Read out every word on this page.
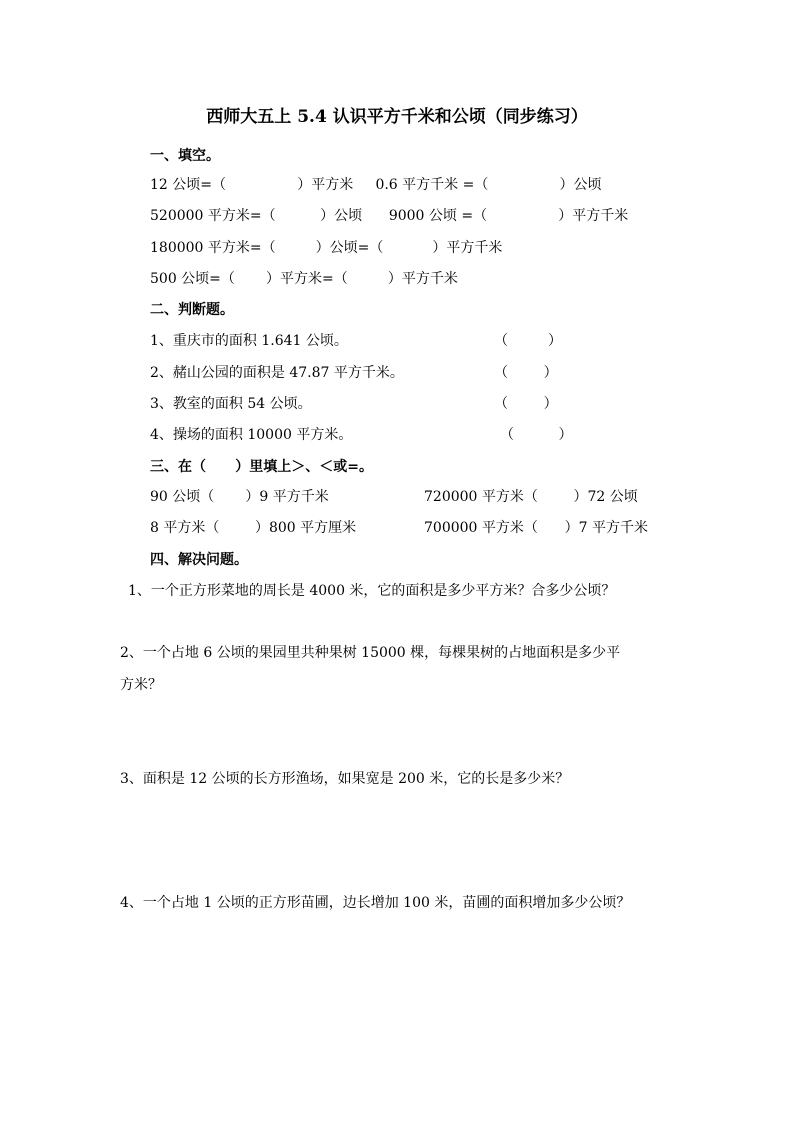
西师大五上 5.4 认识平方千米和公顷（同步练习）
一、填空。
12 公顷=（                ）平方米     0.6 平方千米 =（                ）公顷
520000 平方米=（          ）公顷      9000 公顷 =（                ）平方千米
180000 平方米=（         ）公顷=（           ）平方千米
500 公顷=（       ）平方米=（         ）平方千米
二、判断题。
1、重庆市的面积 1.641 公顷。	（         ）
2、赭山公园的面积是 47.87 平方千米。	（        ）
3、教室的面积 54 公顷。	（        ）
4、操场的面积 10000 平方米。	（          ）
三、在（      ）里填上＞、＜或=。
90 公顷（       ）9 平方千米	720000 平方米（        ）72 公顷
8 平方米（        ）800 平方厘米	700000 平方米（      ）7 平方千米
四、解决问题。
1、一个正方形菜地的周长是 4000 米，它的面积是多少平方米？合多少公顷？
2、一个占地 6 公顷的果园里共种果树 15000 棵，每棵果树的占地面积是多少平
方米？
3、面积是 12 公顷的长方形渔场，如果宽是 200 米，它的长是多少米？
4、一个占地 1 公顷的正方形苗圃，边长增加 100 米，苗圃的面积增加多少公顷？
